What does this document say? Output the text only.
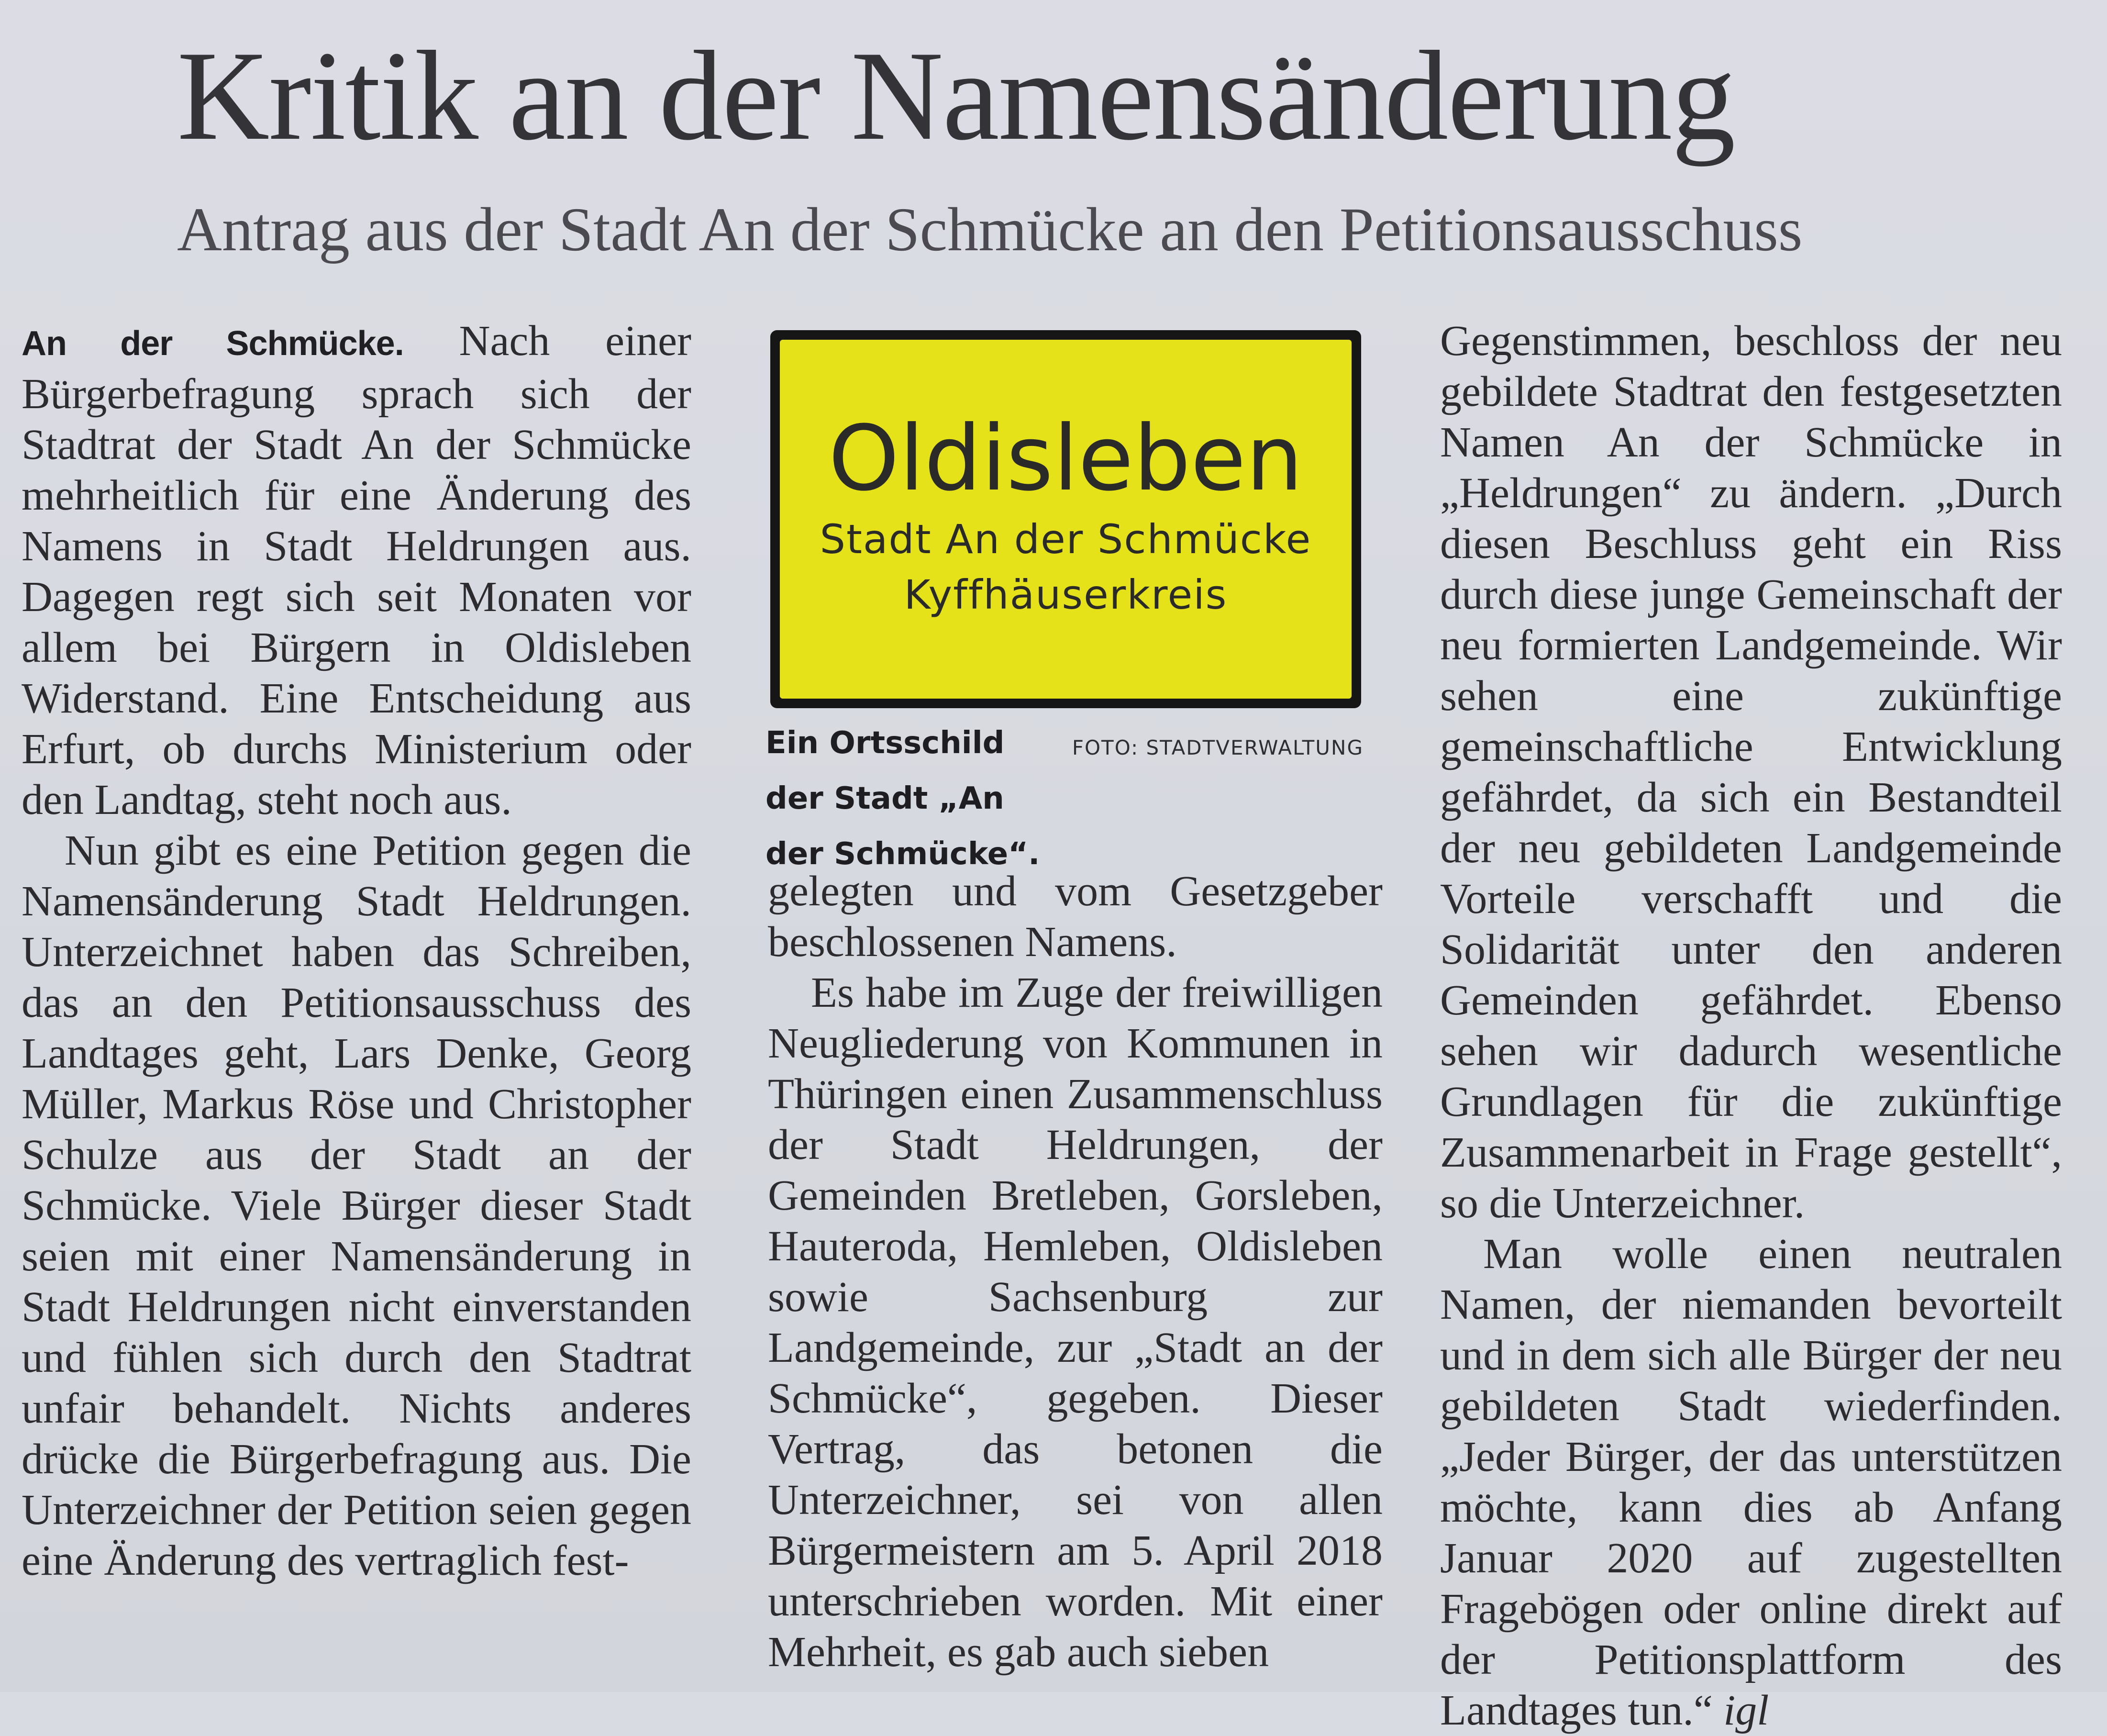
Kritik an der Namensänderung
Antrag aus der Stadt An der Schmücke an den Petitionsausschuss

An der Schmücke. Nach einer Bürgerbefragung sprach sich der Stadtrat der Stadt An der Schmücke mehrheitlich für eine Änderung des Namens in Stadt Heldrungen aus. Dagegen regt sich seit Monaten vor allem bei Bürgern in Oldisleben Widerstand. Eine Entscheidung aus Erfurt, ob durchs Ministerium oder den Landtag, steht noch aus.

Nun gibt es eine Petition gegen die Namensänderung Stadt Heldrungen. Unterzeichnet haben das Schreiben, das an den Petitionsausschuss des Landtages geht, Lars Denke, Georg Müller, Markus Röse und Christopher Schulze aus der Stadt an der Schmücke. Viele Bürger dieser Stadt seien mit einer Namensänderung in Stadt Heldrungen nicht einverstanden und fühlen sich durch den Stadtrat unfair behandelt. Nichts anderes drücke die Bürgerbefragung aus. Die Unterzeichner der Petition seien gegen eine Änderung des vertraglich fest-

Oldisleben
Stadt An der Schmücke
Kyffhäuserkreis
FOTO: STADTVERWALTUNG
Ein Ortsschild der Stadt „An der Schmücke“.

gelegten und vom Gesetzgeber beschlossenen Namens.

Es habe im Zuge der freiwilligen Neugliederung von Kommunen in Thüringen einen Zusammenschluss der Stadt Heldrungen, der Gemeinden Bretleben, Gorsleben, Hauteroda, Hemleben, Oldisleben sowie Sachsenburg zur Landgemeinde, zur „Stadt an der Schmücke“, gegeben. Dieser Vertrag, das betonen die Unterzeichner, sei von allen Bürgermeistern am 5. April 2018 unterschrieben worden. Mit einer Mehrheit, es gab auch sieben

Gegenstimmen, beschloss der neu gebildete Stadtrat den festgesetzten Namen An der Schmücke in „Heldrungen“ zu ändern. „Durch diesen Beschluss geht ein Riss durch diese junge Gemeinschaft der neu formierten Landgemeinde. Wir sehen eine zukünftige gemeinschaftliche Entwicklung gefährdet, da sich ein Bestandteil der neu gebildeten Landgemeinde Vorteile verschafft und die Solidarität unter den anderen Gemeinden gefährdet. Ebenso sehen wir dadurch wesentliche Grundlagen für die zukünftige Zusammenarbeit in Frage gestellt“, so die Unterzeichner.

Man wolle einen neutralen Namen, der niemanden bevorteilt und in dem sich alle Bürger der neu gebildeten Stadt wiederfinden. „Jeder Bürger, der das unterstützen möchte, kann dies ab Anfang Januar 2020 auf zugestellten Fragebögen oder online direkt auf der Petitionsplattform des Landtages tun.“ igl
